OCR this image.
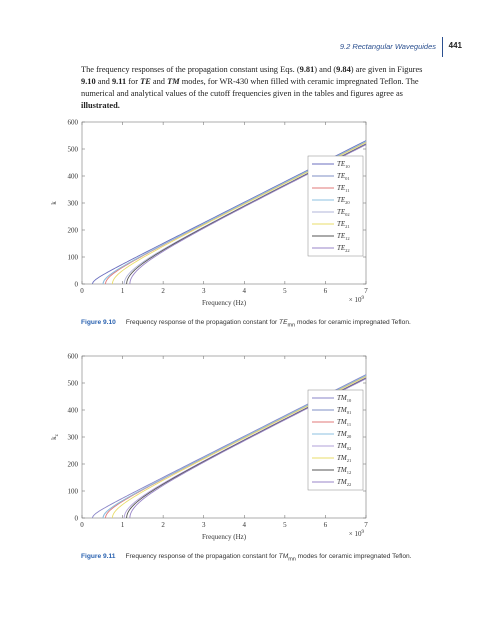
9.2 Rectangular Waveguides 441
The frequency responses of the propagation constant using Eqs. (9.81) and (9.84) are given in Figures 9.10 and 9.11 for TE and TM modes, for WR-430 when filled with ceramic impregnated Teflon. The numerical and analytical values of the cutoff frequencies given in the tables and figures agree as illustrated.
0	1	2	3	4	5	6	7
0
100
200
300
400
500
600
Frequency (Hz)	× $10^9$
k
$TE_{10}$
$TE_{01}$
$TE_{11}$
$TE_{20}$
$TE_{02}$
$TE_{21}$
$TE_{12}$
$TE_{22}$
Figure 9.10 Frequency response of the propagation constant for $TE_{mn}$ modes for ceramic impregnated Teflon.
0	1	2	3	4	5	6	7
0
100
200
300
400
500
600
Frequency (Hz)	× $10^9$
$k_z$
$TM_{10}$
$TM_{01}$
$TM_{11}$
$TM_{20}$
$TM_{02}$
$TM_{21}$
$TM_{12}$
$TM_{22}$
Figure 9.11 Frequency response of the propagation constant for $TM_{mn}$ modes for ceramic impregnated Teflon.
